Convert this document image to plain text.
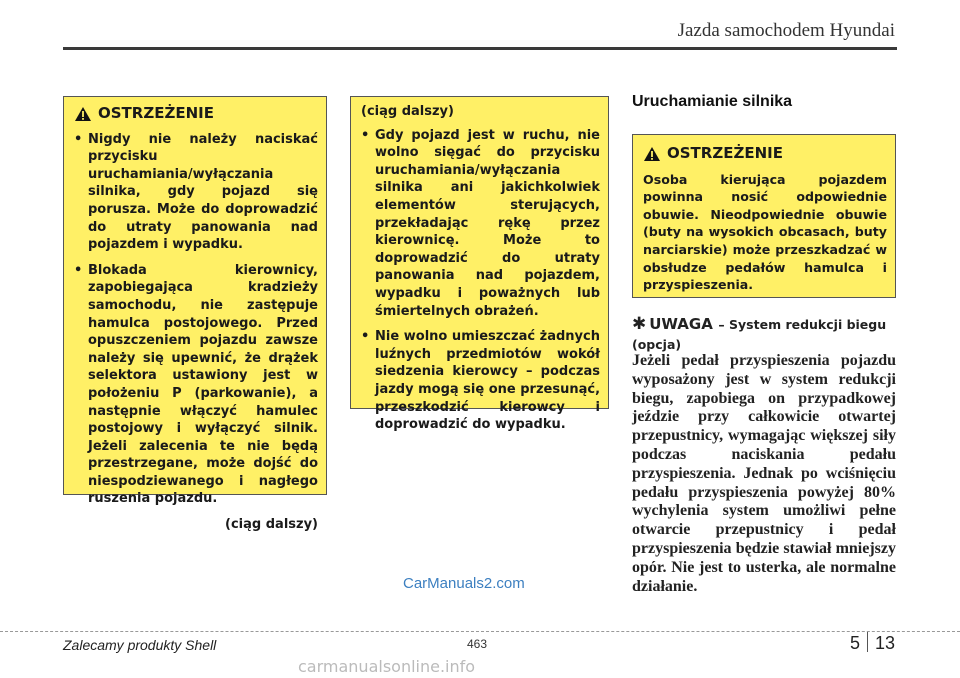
Jazda samochodem Hyundai
OSTRZEŻENIE
• Nigdy nie należy naciskać przycisku uruchamiania/wyłączania silnika, gdy pojazd się porusza. Może do doprowadzić do utraty panowania nad pojazdem i wypadku.
• Blokada kierownicy, zapobiegająca kradzieży samochodu, nie zastępuje hamulca postojowego. Przed opuszczeniem pojazdu zawsze należy się upewnić, że drążek selektora ustawiony jest w położeniu P (parkowanie), a następnie włączyć hamulec postojowy i wyłączyć silnik. Jeżeli zalecenia te nie będą przestrzegane, może dojść do niespodziewanego i nagłego ruszenia pojazdu.
(ciąg dalszy)
(ciąg dalszy)
• Gdy pojazd jest w ruchu, nie wolno sięgać do przycisku uruchamiania/wyłączania silnika ani jakichkolwiek elementów sterujących, przekładając rękę przez kierownicę. Może to doprowadzić do utraty panowania nad pojazdem, wypadku i poważnych lub śmiertelnych obrażeń.
• Nie wolno umieszczać żadnych luźnych przedmiotów wokół siedzenia kierowcy – podczas jazdy mogą się one przesunąć, przeszkodzić kierowcy i doprowadzić do wypadku.
Uruchamianie silnika
OSTRZEŻENIE
Osoba kierująca pojazdem powinna nosić odpowiednie obuwie. Nieodpowiednie obuwie (buty na wysokich obcasach, buty narciarskie) może przeszkadzać w obsłudze pedałów hamulca i przyspieszenia.
✱ UWAGA – System redukcji biegu (opcja)
Jeżeli pedał przyspieszenia pojazdu wyposażony jest w system redukcji biegu, zapobiega on przypadkowej jeździe przy całkowicie otwartej przepustnicy, wymagając większej siły podczas naciskania pedału przyspieszenia. Jednak po wciśnięciu pedału przyspieszenia powyżej 80% wychylenia system umożliwi pełne otwarcie przepustnicy i pedał przyspieszenia będzie stawiał mniejszy opór. Nie jest to usterka, ale normalne działanie.
CarManuals2.com
Zalecamy produkty Shell	463	5 13
carmanualsonline.info
